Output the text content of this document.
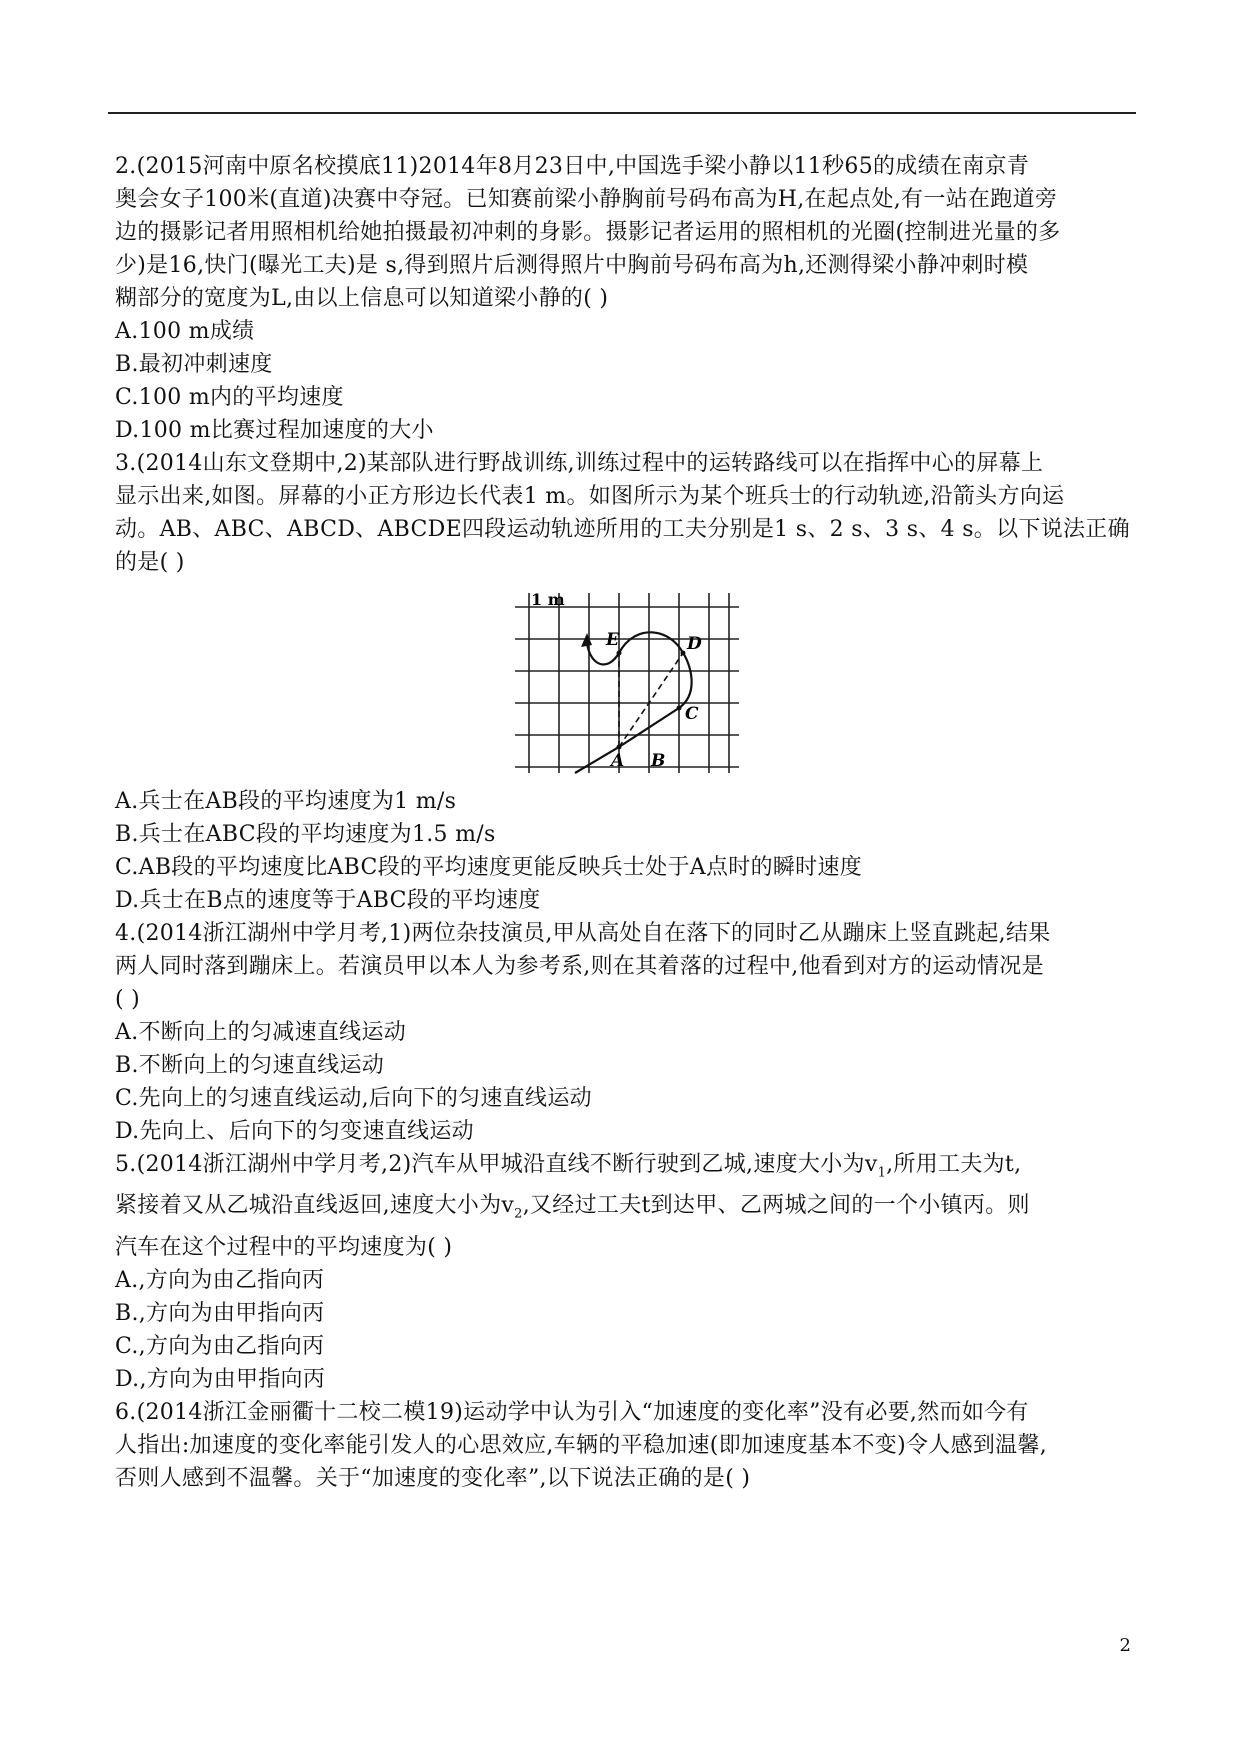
2.(2015河南中原名校摸底11)2014年8月23日中,中国选手梁小静以11秒65的成绩在南京青
奥会女子100米(直道)决赛中夺冠。已知赛前梁小静胸前号码布高为H,在起点处,有一站在跑道旁
边的摄影记者用照相机给她拍摄最初冲刺的身影。摄影记者运用的照相机的光圈(控制进光量的多
少)是16,快门(曝光工夫)是 s,得到照片后测得照片中胸前号码布高为h,还测得梁小静冲刺时模
糊部分的宽度为L,由以上信息可以知道梁小静的( )
A.100 m成绩
B.最初冲刺速度
C.100 m内的平均速度
D.100 m比赛过程加速度的大小
3.(2014山东文登期中,2)某部队进行野战训练,训练过程中的运转路线可以在指挥中心的屏幕上
显示出来,如图。屏幕的小正方形边长代表1 m。如图所示为某个班兵士的行动轨迹,沿箭头方向运
动。AB、ABC、ABCD、ABCDE四段运动轨迹所用的工夫分别是1 s、2 s、3 s、4 s。以下说法正确
的是( )
1 m
E	D
C
A B
A.兵士在AB段的平均速度为1 m/s
B.兵士在ABC段的平均速度为1.5 m/s
C.AB段的平均速度比ABC段的平均速度更能反映兵士处于A点时的瞬时速度
D.兵士在B点的速度等于ABC段的平均速度
4.(2014浙江湖州中学月考,1)两位杂技演员,甲从高处自在落下的同时乙从蹦床上竖直跳起,结果
两人同时落到蹦床上。若演员甲以本人为参考系,则在其着落的过程中,他看到对方的运动情况是
( )
A.不断向上的匀减速直线运动
B.不断向上的匀速直线运动
C.先向上的匀速直线运动,后向下的匀速直线运动
D.先向上、后向下的匀变速直线运动
5.(2014浙江湖州中学月考,2)汽车从甲城沿直线不断行驶到乙城,速度大小为$v_1$,所用工夫为t,
紧接着又从乙城沿直线返回,速度大小为$v_2$,又经过工夫t到达甲、乙两城之间的一个小镇丙。则
汽车在这个过程中的平均速度为( )
A.,方向为由乙指向丙
B.,方向为由甲指向丙
C.,方向为由乙指向丙
D.,方向为由甲指向丙
6.(2014浙江金丽衢十二校二模19)运动学中认为引入“加速度的变化率”没有必要,然而如今有
人指出:加速度的变化率能引发人的心思效应,车辆的平稳加速(即加速度基本不变)令人感到温馨,
否则人感到不温馨。关于“加速度的变化率”,以下说法正确的是( )
2
